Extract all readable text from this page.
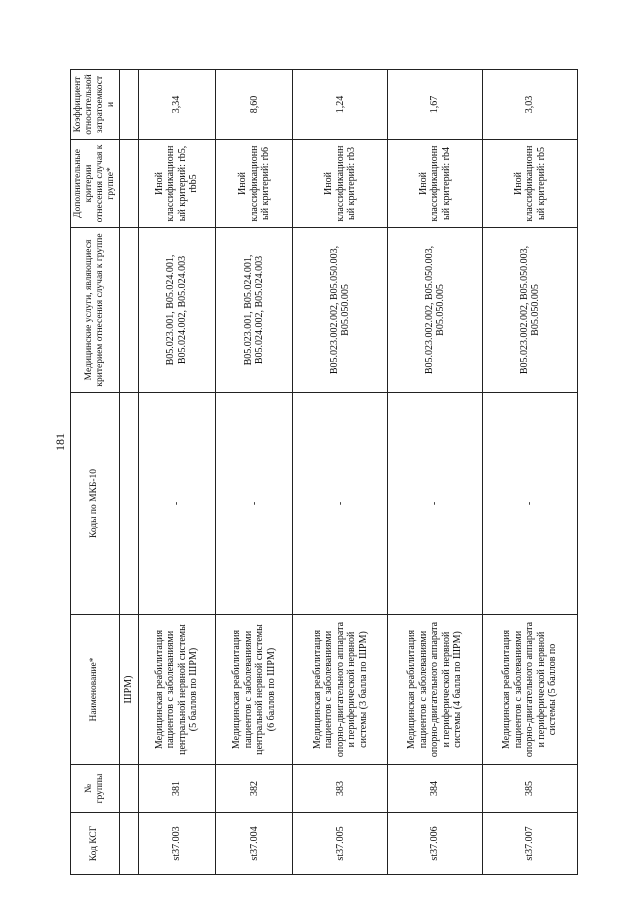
181
Код КСГ	№ группы	Наименование*	Коды по МКБ-10	Медицинские услуги, являющиеся критерием отнесения случая к группе	Дополнительные критерии отнесения случая к группе*	Коэффициент относительной затратоемкости
		ШРМ)				
st37.003	381	Медицинская реабилитация пациентов с заболеваниями центральной нервной системы (5 баллов по ШРМ)	-	B05.023.001, B05.024.001, B05.024.002, B05.024.003	Иной классификационный критерий: rb5, rbb5	3,34
st37.004	382	Медицинская реабилитация пациентов с заболеваниями центральной нервной системы (6 баллов по ШРМ)	-	B05.023.001, B05.024.001, B05.024.002, B05.024.003	Иной классификационный критерий: rb6	8,60
st37.005	383	Медицинская реабилитация пациентов с заболеваниями опорно-двигательного аппарата и периферической нервной системы (3 балла по ШРМ)	-	B05.023.002.002, B05.050.003, B05.050.005	Иной классификационный критерий: rb3	1,24
st37.006	384	Медицинская реабилитация пациентов с заболеваниями опорно-двигательного аппарата и периферической нервной системы (4 балла по ШРМ)	-	B05.023.002.002, B05.050.003, B05.050.005	Иной классификационный критерий: rb4	1,67
st37.007	385	Медицинская реабилитация пациентов с заболеваниями опорно-двигательного аппарата и периферической нервной системы (5 баллов по	-	B05.023.002.002, B05.050.003, B05.050.005	Иной классификационный критерий: rb5	3,03
